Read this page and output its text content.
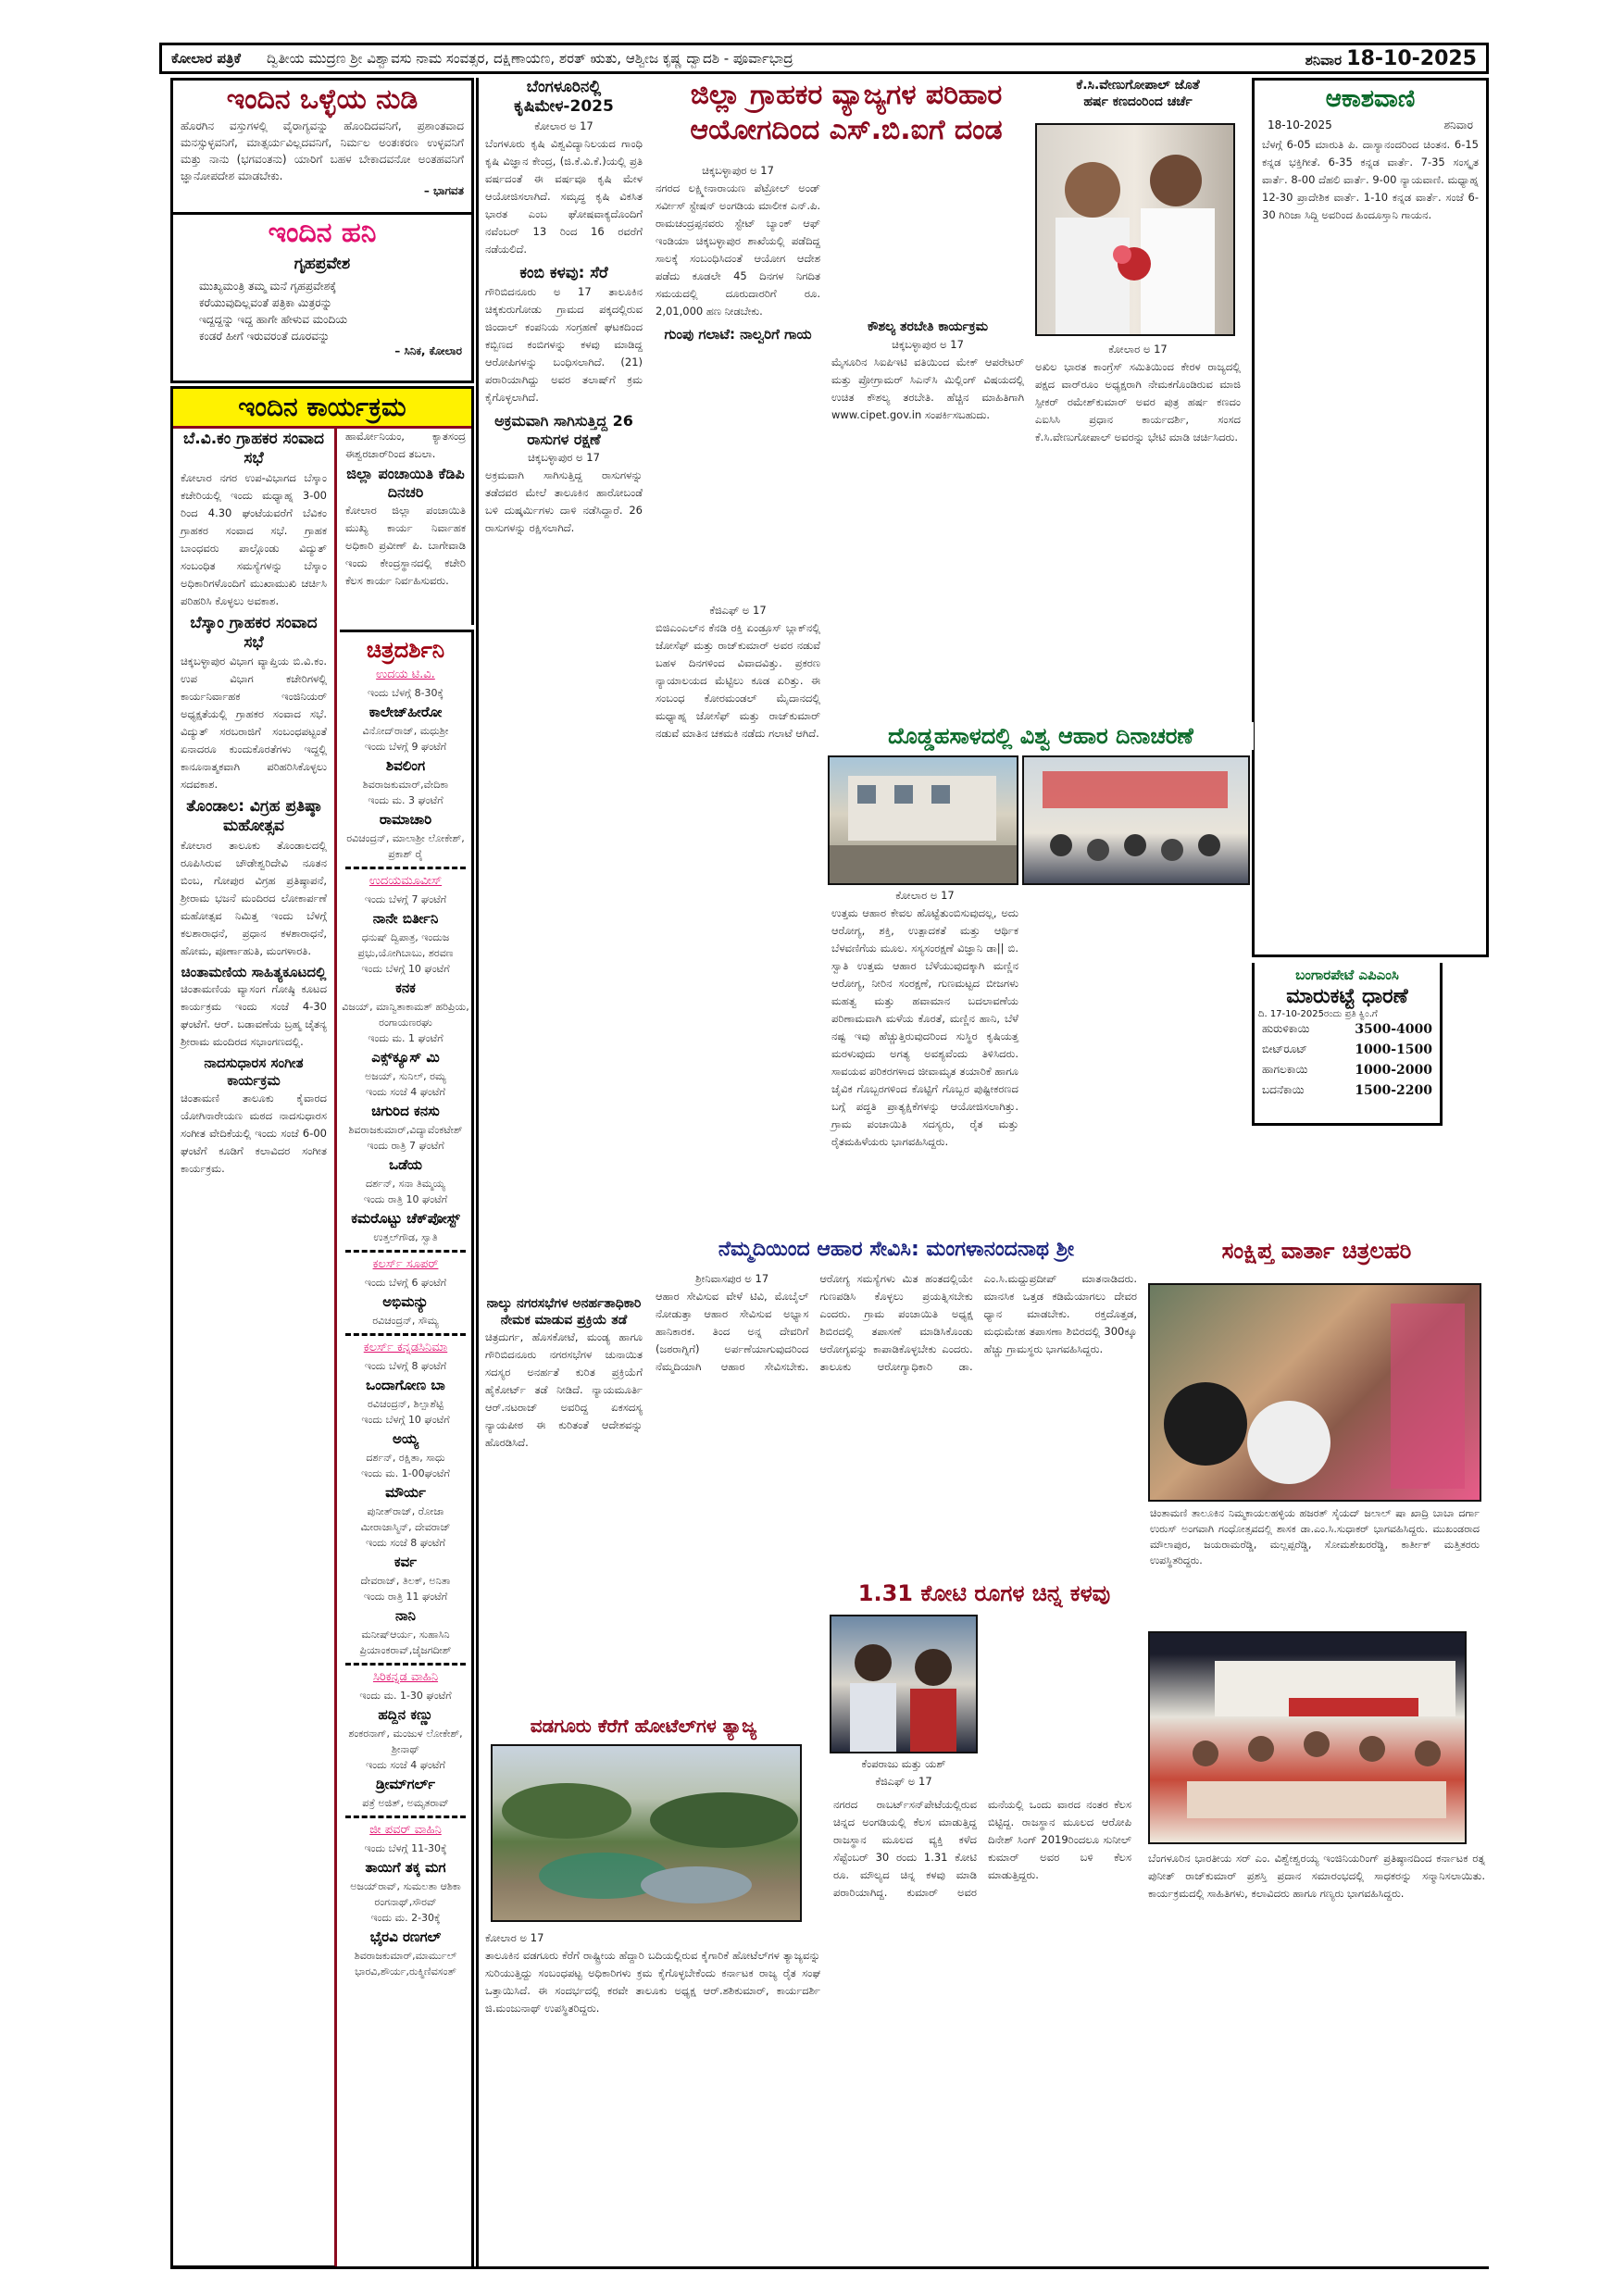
ಕೋಲಾರ ಪತ್ರಿಕೆ ದ್ವಿತೀಯ ಮುದ್ರಣ ಶ್ರೀ ವಿಶ್ವಾವಸು ನಾಮ ಸಂವತ್ಸರ, ದಕ್ಷಿಣಾಯಣ, ಶರತ್ ಋತು, ಆಶ್ವೀಜ ಕೃಷ್ಣ ದ್ವಾದಶಿ - ಪೂರ್ವಾಭಾದ್ರ	ಶನಿವಾರ 18-10-2025
ಇಂದಿನ ಒಳ್ಳೆಯ ನುಡಿ
ಹೊರಗಿನ ವಸ್ತುಗಳಲ್ಲಿ ವೈರಾಗ್ಯವನ್ನು ಹೊಂದಿದವನಿಗೆ, ಪ್ರಶಾಂತವಾದ ಮನಸ್ಸುಳ್ಳವನಿಗೆ, ಮಾತ್ಸರ್ಯವಿಲ್ಲದವನಿಗೆ, ನಿರ್ಮಲ ಅಂತಃಕರಣ ಉಳ್ಳವನಿಗೆ ಮತ್ತು ನಾನು (ಭಗವಂತನು) ಯಾರಿಗೆ ಬಹಳ ಬೇಕಾದವನೋ ಅಂತಹವನಿಗೆ ಜ್ಞಾನೋಪದೇಶ ಮಾಡಬೇಕು.
– ಭಾಗವತ
ಇಂದಿನ ಹನಿ
ಗೃಹಪ್ರವೇಶ
ಮುಖ್ಯಮಂತ್ರಿ ತಮ್ಮ ಮನೆ ಗೃಹಪ್ರವೇಶಕ್ಕೆ
ಕರೆಯುವುದಿಲ್ಲವಂತೆ ಪತ್ರಿಕಾ ಮಿತ್ರರನ್ನು
ಇದ್ದದ್ದನ್ನು ಇದ್ದ ಹಾಗೇ ಹೇಳುವ ಮಂದಿಯ
ಕಂಡರೆ ಹೀಗೆ ಇರುವರಂತೆ ದೂರವನ್ನು
– ಸಿನಿಕ, ಕೋಲಾರ
ಇಂದಿನ ಕಾರ್ಯಕ್ರಮ
ಬೆ.ವಿ.ಕಂ ಗ್ರಾಹಕರ ಸಂವಾದ ಸಭೆ
ಕೋಲಾರ ನಗರ ಉಪ-ವಿಭಾಗದ ಬೆಸ್ಕಾಂ ಕಚೇರಿಯಲ್ಲಿ ಇಂದು ಮಧ್ಯಾಹ್ನ 3-00 ರಿಂದ 4.30 ಘಂಟೆಯವರೆಗೆ ಬೆವಿಕಂ ಗ್ರಾಹಕರ ಸಂವಾದ ಸಭೆ. ಗ್ರಾಹಕ ಬಾಂಧವರು ಪಾಲ್ಗೊಂಡು ವಿದ್ಯುತ್ ಸಂಬಂಧಿತ ಸಮಸ್ಯೆಗಳನ್ನು ಬೆಸ್ಕಾಂ ಅಧಿಕಾರಿಗಳೊಂದಿಗೆ ಮುಖಾಮುಖಿ ಚರ್ಚಿಸಿ ಪರಿಹರಿಸಿ ಕೊಳ್ಳಲು ಅವಕಾಶ.
ಬೆಸ್ಕಾಂ ಗ್ರಾಹಕರ ಸಂವಾದ ಸಭೆ
ಚಿಕ್ಕಬಳ್ಳಾಪುರ ವಿಭಾಗ ವ್ಯಾಪ್ತಿಯ ಬಿ.ವಿ.ಕಂ. ಉಪ ವಿಭಾಗ ಕಚೇರಿಗಳಲ್ಲಿ ಕಾರ್ಯನಿರ್ವಾಹಕ ಇಂಜಿನಿಯರ್ ಅಧ್ಯಕ್ಷತೆಯಲ್ಲಿ ಗ್ರಾಹಕರ ಸಂವಾದ ಸಭೆ. ವಿದ್ಯುತ್ ಸರಬರಾಜಿಗೆ ಸಂಬಂಧಪಟ್ಟಂತೆ ಏನಾದರೂ ಕುಂದುಕೊರತೆಗಳು ಇದ್ದಲ್ಲಿ ಕಾನೂನಾತ್ಮಕವಾಗಿ ಪರಿಹರಿಸಿಕೊಳ್ಳಲು ಸದವಕಾಶ.
ತೊಂಡಾಲ: ವಿಗ್ರಹ ಪ್ರತಿಷ್ಠಾ ಮಹೋತ್ಸವ
ಕೋಲಾರ ತಾಲೂಕು ತೊಂಡಾಲದಲ್ಲಿ ರೂಪಿಸಿರುವ ಚೌಡೇಶ್ವರಿದೇವಿ ನೂತನ ಬಿಂಬ, ಗೋಪುರ ವಿಗ್ರಹ ಪ್ರತಿಷ್ಠಾಪನೆ, ಶ್ರೀರಾಮ ಭಜನೆ ಮಂದಿರದ ಲೋಕಾರ್ಪಣೆ ಮಹೋತ್ಸವ ನಿಮಿತ್ತ ಇಂದು ಬೆಳಗ್ಗೆ ಕಲಶಾರಾಧನೆ, ಪ್ರಧಾನ ಕಳಶಾರಾಧನೆ, ಹೋಮ, ಪೂರ್ಣಾಹುತಿ, ಮಂಗಳಾರತಿ.
ಚಿಂತಾಮಣಿಯ ಸಾಹಿತ್ಯಕೂಟದಲ್ಲಿ
ಚಿಂತಾಮಣಿಯ ವ್ಯಾಸಂಗ ಗೋಷ್ಠಿ ಕೂಟದ ಕಾರ್ಯಕ್ರಮ ಇಂದು ಸಂಜೆ 4-30 ಘಂಟೆಗೆ. ಆರ್. ಬಡಾವಣೆಯ ಬ್ರಹ್ಮ ಚೈತನ್ಯ ಶ್ರೀರಾಮ ಮಂದಿರದ ಸಭಾಂಗಣದಲ್ಲಿ.
ನಾದಸುಧಾರಸ ಸಂಗೀತ ಕಾರ್ಯಕ್ರಮ
ಚಿಂತಾಮಣಿ ತಾಲೂಕು ಕೈವಾರದ ಯೋಗಿನಾರೇಯಣ ಮಠದ ನಾದಸುಧಾರಸ ಸಂಗೀತ ವೇದಿಕೆಯಲ್ಲಿ ಇಂದು ಸಂಜೆ 6-00 ಘಂಟೆಗೆ ಕೂಡಿಗೆ ಕಲಾವಿದರ ಸಂಗೀತ ಕಾರ್ಯಕ್ರಮ.
ಹಾರ್ಮೋನಿಯಂ, ಕ್ಯಾತಸಂದ್ರ ಈಶ್ವರಚಾರ್‌ರಿಂದ ತಬಲಾ.
ಜಿಲ್ಲಾ ಪಂಚಾಯಿತಿ ಕೆಡಿಪಿ ದಿನಚರಿ
ಕೋಲಾರ ಜಿಲ್ಲಾ ಪಂಚಾಯಿತಿ ಮುಖ್ಯ ಕಾರ್ಯ ನಿರ್ವಾಹಕ ಅಧಿಕಾರಿ ಪ್ರವೀಣ್ ಪಿ. ಬಾಗೇವಾಡಿ ಇಂದು ಕೇಂದ್ರಸ್ಥಾನದಲ್ಲಿ ಕಚೇರಿ ಕೆಲಸ ಕಾರ್ಯ ನಿರ್ವಹಿಸುವರು.
ಚಿತ್ರದರ್ಶಿನಿ
ಉದಯ ಟಿ.ವಿ.
ಇಂದು ಬೆಳಗ್ಗೆ 8-30ಕ್ಕೆ
ಕಾಲೇಜ್‌ಹೀರೋ
ವಿನೋದ್‌ರಾಜ್, ಮಧುಶ್ರೀ
ಇಂದು ಬೆಳಗ್ಗೆ 9 ಘಂಟೆಗೆ
ಶಿವಲಿಂಗ
ಶಿವರಾಜಕುಮಾರ್,ವೇದಿಕಾ
ಇಂದು ಮ. 3 ಘಂಟೆಗೆ
ರಾಮಾಚಾರಿ
ರವಿಚಂದ್ರನ್, ಮಾಲಾಶ್ರೀ ಲೋಕೇಶ್, ಪ್ರಕಾಶ್ ರೈ
ಉದಯಮೂವೀಸ್
ಇಂದು ಬೆಳಗ್ಗೆ 7 ಘಂಟೆಗೆ
ನಾನೇ ಬಿರ್ತೀನಿ
ಧನುಷ್ ದ್ವಿಪಾತ್ರ, ಇಂದುಜ ಪ್ರಭು,ಯೋಗಿಬಾಬು, ಶರವಣ
ಇಂದು ಬೆಳಗ್ಗೆ 10 ಘಂಟೆಗೆ
ಕನಕ
ವಿಜಯ್, ಮಾನ್ವಿತಾಕಾಮತ್ ಹರಿಪ್ರಿಯ, ರಂಗಾಯಣರಘು
ಇಂದು ಮ. 1 ಘಂಟೆಗೆ
ಎಕ್ಸ್‌ಕ್ಯೂಸ್ ಮಿ
ಅಜಯ್, ಸುನಿಲ್, ರಮ್ಯ
ಇಂದು ಸಂಜೆ 4 ಘಂಟೆಗೆ
ಚಿಗುರಿದ ಕನಸು
ಶಿವರಾಜಕುಮಾರ್,ವಿದ್ಯಾವೆಂಕಟೇಶ್
ಇಂದು ರಾತ್ರಿ 7 ಘಂಟೆಗೆ
ಒಡೆಯ
ದರ್ಶನ್, ಸನಾ ತಿಮ್ಮಯ್ಯ
ಇಂದು ರಾತ್ರಿ 10 ಘಂಟೆಗೆ
ಕಮರೊಟ್ಟು ಚೆಕ್‌ಪೋಸ್ಟ್
ಉತ್ತಲ್‌ಗೌಡ, ಸ್ವಾತಿ
ಕಲರ್ಸ್ ಸೂಪರ್
ಇಂದು ಬೆಳಗ್ಗೆ 6 ಘಂಟೆಗೆ
ಅಭಿಮನ್ಯು
ರವಿಚಂದ್ರನ್, ಸೌಮ್ಯ
ಕಲರ್ಸ್ ಕನ್ನಡಸಿನಿಮಾ
ಇಂದು ಬೆಳಗ್ಗೆ 8 ಘಂಟೆಗೆ
ಒಂದಾಗೋಣ ಬಾ
ರವಿಚಂದ್ರನ್, ಶಿಲ್ಪಾಶೆಟ್ಟಿ
ಇಂದು ಬೆಳಗ್ಗೆ 10 ಘಂಟೆಗೆ
ಅಯ್ಯ
ದರ್ಶನ್, ರಕ್ಷಿತಾ, ಸಾಧು
ಇಂದು ಮ. 1-00ಘಂಟೆಗೆ
ಮೌರ್ಯ
ಪುನೀತ್‌ರಾಜ್, ರೋಜಾ ಮೀರಾಜಾಸ್ಮಿನ್, ದೇವರಾಜ್
ಇಂದು ಸಂಜೆ 8 ಘಂಟೆಗೆ
ಕರ್ವ
ದೇವರಾಜ್, ತಿಲಕ್, ಅನಿತಾ
ಇಂದು ರಾತ್ರಿ 11 ಘಂಟೆಗೆ
ನಾನಿ
ಮನೀಷ್‌ಆರ್ಯ, ಸುಹಾಸಿನಿ ಪ್ರಿಯಾಂಕರಾವ್,ಜೈಜಗದೀಶ್
ಸಿರಿಕನ್ನಡ ವಾಹಿನಿ
ಇಂದು ಮ. 1-30 ಘಂಟೆಗೆ
ಹದ್ದಿನ ಕಣ್ಣು
ಶಂಕರನಾಗ್, ಮಂಜುಳ ಲೋಕೇಶ್, ಶ್ರೀನಾಥ್
ಇಂದು ಸಂಜೆ 4 ಘಂಟೆಗೆ
ಡ್ರೀಮ್‌ಗರ್ಲ್
ಪತ್ರೆ ಅಜಿತ್, ಅಮೃತರಾವ್
ಜೀ ಪವರ್ ವಾಹಿನಿ
ಇಂದು ಬೆಳಗ್ಗೆ 11-30ಕ್ಕೆ
ತಾಯಿಗೆ ತಕ್ಕ ಮಗ
ಅಜಯ್‌ರಾವ್, ಸುಮಲತಾ ಆಶಿಕಾ ರಂಗನಾಥ್,ಸೌರವ್
ಇಂದು ಮ. 2-30ಕ್ಕೆ
ಭೈರವಿ ರಣಗಲ್
ಶಿವರಾಜಕುಮಾರ್,ಮಾರ್ಮುಲ್ ಭಾರವಿ,ಶೌರ್ಯ,ರುಕ್ಮಿಣಿವಸಂತ್
ಬೆಂಗಳೂರಿನಲ್ಲಿ ಕೃಷಿಮೇಳ-2025
ಕೋಲಾರ ಅ 17
ಬೆಂಗಳೂರು ಕೃಷಿ ವಿಶ್ವವಿದ್ಯಾನಿಲಯದ ಗಾಂಧಿ ಕೃಷಿ ವಿಜ್ಞಾನ ಕೇಂದ್ರ, (ಜಿ.ಕೆ.ವಿ.ಕೆ.)ಯಲ್ಲಿ ಪ್ರತಿ ವರ್ಷದಂತೆ ಈ ವರ್ಷವೂ ಕೃಷಿ ಮೇಳ ಆಯೋಜಿಸಲಾಗಿದೆ. ಸಮೃದ್ಧ ಕೃಷಿ ವಿಕಸಿತ ಭಾರತ ಎಂಬ ಘೋಷವಾಕ್ಯದೊಂದಿಗೆ ನವೆಂಬರ್ 13 ರಿಂದ 16 ರವರೆಗೆ ನಡೆಯಲಿದೆ.
ಕಂಬಿ ಕಳವು: ಸೆರೆ
ಗೌರಿಬಿದನೂರು ಅ 17 ತಾಲೂಕಿನ ಚಿಕ್ಕಕುರುಗೋಡು ಗ್ರಾಮದ ಪಕ್ಕದಲ್ಲಿರುವ ಜಿಂದಾಲ್ ಕಂಪನಿಯ ಸಂಗ್ರಹಣೆ ಘಟಕದಿಂದ ಕಬ್ಬಿಣದ ಕಂಬಿಗಳನ್ನು ಕಳವು ಮಾಡಿದ್ದ ಆರೋಪಿಗಳನ್ನು ಬಂಧಿಸಲಾಗಿದೆ. (21) ಪರಾರಿಯಾಗಿದ್ದು ಅವರ ತಲಾಷ್‌ಗೆ ಕ್ರಮ ಕೈಗೊಳ್ಳಲಾಗಿದೆ.
ಅಕ್ರಮವಾಗಿ ಸಾಗಿಸುತ್ತಿದ್ದ 26 ರಾಸುಗಳ ರಕ್ಷಣೆ
ಚಿಕ್ಕಬಳ್ಳಾಪುರ ಅ 17
ಅಕ್ರಮವಾಗಿ ಸಾಗಿಸುತ್ತಿದ್ದ ರಾಸುಗಳನ್ನು ತಡೆದವರ ಮೇಲೆ ತಾಲೂಕಿನ ಹಾರೋಬಂಡೆ ಬಳಿ ದುಷ್ಕರ್ಮಿಗಳು ದಾಳಿ ನಡೆಸಿದ್ದಾರೆ. 26 ರಾಸುಗಳನ್ನು ರಕ್ಷಿಸಲಾಗಿದೆ.
ನಾಲ್ಕು ನಗರಸಭೆಗಳ ಅನರ್ಹತಾಧಿಕಾರಿ ನೇಮಕ ಮಾಡುವ ಪ್ರಕ್ರಿಯೆ ತಡೆ
ಚಿತ್ರದುರ್ಗ, ಹೊಸಕೋಟೆ, ಮಂಡ್ಯ ಹಾಗೂ ಗೌರಿಬಿದನೂರು ನಗರಸಭೆಗಳ ಚುನಾಯಿತ ಸದಸ್ಯರ ಅನರ್ಹತೆ ಕುರಿತ ಪ್ರಕ್ರಿಯೆಗೆ ಹೈಕೋರ್ಟ್ ತಡೆ ನೀಡಿದೆ. ನ್ಯಾಯಮೂರ್ತಿ ಆರ್.ನಟರಾಜ್ ಅವರಿದ್ದ ಏಕಸದಸ್ಯ ನ್ಯಾಯಪೀಠ ಈ ಕುರಿತಂತೆ ಆದೇಶವನ್ನು ಹೊರಡಿಸಿದೆ.
ಜಿಲ್ಲಾ ಗ್ರಾಹಕರ ವ್ಯಾಜ್ಯಗಳ ಪರಿಹಾರ
ಆಯೋಗದಿಂದ ಎಸ್.ಬಿ.ಐಗೆ ದಂಡ
ಚಿಕ್ಕಬಳ್ಳಾಪುರ ಅ 17
ನಗರದ ಲಕ್ಷ್ಮೀನಾರಾಯಣ ಪೆಟ್ರೋಲ್ ಅಂಡ್ ಸರ್ವೀಸ್ ಸ್ಟೇಷನ್ ಅಂಗಡಿಯ ಮಾಲೀಕ ಎನ್.ಪಿ. ರಾಮಚಂದ್ರಪ್ಪನವರು ಸ್ಟೇಟ್ ಬ್ಯಾಂಕ್ ಆಫ್ ಇಂಡಿಯಾ ಚಿಕ್ಕಬಳ್ಳಾಪುರ ಶಾಖೆಯಲ್ಲಿ ಪಡೆದಿದ್ದ ಸಾಲಕ್ಕೆ ಸಂಬಂಧಿಸಿದಂತೆ ಆಯೋಗ ಆದೇಶ ಪಡೆದು ಕೂಡಲೇ 45 ದಿನಗಳ ನಿಗದಿತ ಸಮಯದಲ್ಲಿ ದೂರುದಾರರಿಗೆ ರೂ. 2,01,000 ಹಣ ನೀಡಬೇಕು.
ಗುಂಪು ಗಲಾಟೆ: ನಾಲ್ವರಿಗೆ ಗಾಯ	ಕೌಶಲ್ಯ ತರಬೇತಿ ಕಾರ್ಯಕ್ರಮ
ಚಿಕ್ಕಬಳ್ಳಾಪುರ ಅ 17
ಮೈಸೂರಿನ ಸಿಐಪಿಇಟಿ ವತಿಯಿಂದ ಮೇಕ್ ಆಪರೇಟರ್ ಮತ್ತು ಪ್ರೋಗ್ರಾಮರ್ ಸಿಎನ್‌ಸಿ ಮಿಲ್ಲಿಂಗ್ ವಿಷಯದಲ್ಲಿ ಉಚಿತ ಕೌಶಲ್ಯ ತರಬೇತಿ. ಹೆಚ್ಚಿನ ಮಾಹಿತಿಗಾಗಿ www.cipet.gov.in ಸಂಪರ್ಕಿಸಬಹುದು.
ಕೆಜಿಎಫ್ ಅ 17
ಬಿಜಿಎಂಎಲ್‌ನ ಕೆನಡಿ ರಕ್ತಿ ಏಂಡ್ರೂಸ್ ಬ್ಲಾಕ್‌ನಲ್ಲಿ ಜೋಸೆಫ್ ಮತ್ತು ರಾಜ್‌ಕುಮಾರ್ ಅವರ ನಡುವೆ ಬಹಳ ದಿನಗಳಿಂದ ವಿವಾದವಿತ್ತು. ಪ್ರಕರಣ ನ್ಯಾಯಾಲಯದ ಮೆಟ್ಟಿಲು ಕೂಡ ಏರಿತ್ತು. ಈ ಸಂಬಂಧ ಕೋರಮಂಡಲ್ ಮೈದಾನದಲ್ಲಿ ಮಧ್ಯಾಹ್ನ ಜೋಸೆಫ್ ಮತ್ತು ರಾಜ್‌ಕುಮಾರ್ ನಡುವೆ ಮಾತಿನ ಚಕಮಕಿ ನಡೆದು ಗಲಾಟೆ ಆಗಿದೆ.
ಕೆ.ಸಿ.ವೇಣುಗೋಪಾಲ್ ಜೊತೆ
ಹರ್ಷ ಕಣದಂರಿಂದ ಚರ್ಚೆ
ಕೋಲಾರ ಅ 17
ಅಖಿಲ ಭಾರತ ಕಾಂಗ್ರೆಸ್ ಸಮಿತಿಯಿಂದ ಕೇರಳ ರಾಜ್ಯದಲ್ಲಿ ಪಕ್ಷದ ವಾರ್‌ರೂಂ ಅಧ್ಯಕ್ಷರಾಗಿ ನೇಮಕಗೊಂಡಿರುವ ಮಾಜಿ ಸ್ಪೀಕರ್ ರಮೇಶ್‌ಕುಮಾರ್ ಅವರ ಪುತ್ರ ಹರ್ಷ ಕಣದಂ ಎಐಸಿಸಿ ಪ್ರಧಾನ ಕಾರ್ಯದರ್ಶಿ, ಸಂಸದ ಕೆ.ಸಿ.ವೇಣುಗೋಪಾಲ್ ಅವರನ್ನು ಭೇಟಿ ಮಾಡಿ ಚರ್ಚಿಸಿದರು.
ಆಕಾಶವಾಣಿ
18-10-2025	ಶನಿವಾರ
ಬೆಳಗ್ಗೆ 6-05 ಮಾರುತಿ ಪಿ. ದಾಸ್ಯಾನಂದರಿಂದ ಚಿಂತನ. 6-15 ಕನ್ನಡ ಭಕ್ತಿಗೀತೆ. 6-35 ಕನ್ನಡ ವಾರ್ತೆ. 7-35 ಸಂಸ್ಕೃತ ವಾರ್ತೆ. 8-00 ದೆಹಲಿ ವಾರ್ತೆ. 9-00 ನ್ಯಾಯವಾಣಿ. ಮಧ್ಯಾಹ್ನ 12-30 ಪ್ರಾದೇಶಿಕ ವಾರ್ತೆ. 1-10 ಕನ್ನಡ ವಾರ್ತೆ. ಸಂಜೆ 6-30 ಗಿರಿಜಾ ಸಿದ್ದಿ ಅವರಿಂದ ಹಿಂದೂಸ್ತಾನಿ ಗಾಯನ.
ಬಂಗಾರಪೇಟೆ ಎಪಿಎಂಸಿ
ಮಾರುಕಟ್ಟೆ ಧಾರಣೆ
ದಿ. 17-10-2025ರಂದು ಪ್ರತಿ ಕ್ವಿಂ.ಗೆ
ಹುರುಳಿಕಾಯಿ	3500-4000
ಬೀಟ್‌ರೂಟ್	1000-1500
ಹಾಗಲಕಾಯಿ	1000-2000
ಬದನೆಕಾಯಿ	1500-2200
ದೊಡ್ಡಹಸಾಳದಲ್ಲಿ ವಿಶ್ವ ಆಹಾರ ದಿನಾಚರಣೆ
ಕೋಲಾರ ಅ 17
ಉತ್ತಮ ಆಹಾರ ಕೇವಲ ಹೊಟ್ಟೆತುಂಬಿಸುವುದಲ್ಲ, ಅದು ಆರೋಗ್ಯ, ಶಕ್ತಿ, ಉತ್ಪಾದಕತೆ ಮತ್ತು ಆರ್ಥಿಕ ಬೆಳವಣಿಗೆಯ ಮೂಲ. ಸಸ್ಯಸಂರಕ್ಷಣೆ ವಿಜ್ಞಾನಿ ಡಾ|| ಬಿ. ಸ್ವಾತಿ ಉತ್ತಮ ಆಹಾರ ಬೆಳೆಯುವುದಕ್ಕಾಗಿ ಮಣ್ಣಿನ ಆರೋಗ್ಯ, ನೀರಿನ ಸಂರಕ್ಷಣೆ, ಗುಣಮಟ್ಟದ ಬೀಜಗಳು ಮಹತ್ವ ಮತ್ತು ಹವಾಮಾನ ಬದಲಾವಣೆಯ ಪರಿಣಾಮವಾಗಿ ಮಳೆಯ ಕೊರತೆ, ಮಣ್ಣಿನ ಹಾನಿ, ಬೆಳೆ ನಷ್ಟ ಇವು ಹೆಚ್ಚುತ್ತಿರುವುದರಿಂದ ಸುಸ್ಥಿರ ಕೃಷಿಯತ್ತ ಮರಳುವುದು ಅಗತ್ಯ ಅವಶ್ಯವೆಂದು ತಿಳಿಸಿದರು. ಸಾವಯವ ಪರಿಕರಗಳಾದ ಜೀವಾಮೃತ ತಯಾರಿಕೆ ಹಾಗೂ ಜೈವಿಕ ಗೊಬ್ಬರಗಳಿಂದ ಕೊಟ್ಟಿಗೆ ಗೊಬ್ಬರ ಪುಷ್ಟೀಕರಣದ ಬಗ್ಗೆ ಪದ್ಧತಿ ಪ್ರಾತ್ಯಕ್ಷಿಕೆಗಳನ್ನು ಆಯೋಜಿಸಲಾಗಿತ್ತು. ಗ್ರಾಮ ಪಂಚಾಯಿತಿ ಸದಸ್ಯರು, ರೈತ ಮತ್ತು ರೈತಮಹಿಳೆಯರು ಭಾಗವಹಿಸಿದ್ದರು.
ನೆಮ್ಮದಿಯಿಂದ ಆಹಾರ ಸೇವಿಸಿ: ಮಂಗಳಾನಂದನಾಥ ಶ್ರೀ
ಶ್ರೀನಿವಾಸಪುರ ಅ 17
ಆಹಾರ ಸೇವಿಸುವ ವೇಳೆ ಟಿವಿ, ಮೊಬೈಲ್ ನೋಡುತ್ತಾ ಆಹಾರ ಸೇವಿಸುವ ಅಭ್ಯಾಸ ಹಾನಿಕಾರಕ. ತಿಂದ ಅನ್ನ ದೇವರಿಗೆ (ಜಠರಾಗ್ನಿಗೆ) ಅರ್ಪಣೆಯಾಗುವುದರಿಂದ ನೆಮ್ಮದಿಯಾಗಿ ಆಹಾರ ಸೇವಿಸಬೇಕು. ಆರೋಗ್ಯ ಸಮಸ್ಯೆಗಳು ಮಿತ ಹಂತದಲ್ಲಿಯೇ ಗುಣಪಡಿಸಿ ಕೊಳ್ಳಲು ಪ್ರಯತ್ನಿಸಬೇಕು ಎಂದರು. ಗ್ರಾಮ ಪಂಚಾಯಿತಿ ಅಧ್ಯಕ್ಷ ಶಿಬಿರದಲ್ಲಿ ತಪಾಸಣೆ ಮಾಡಿಸಿಕೊಂಡು ಆರೋಗ್ಯವನ್ನು ಕಾಪಾಡಿಕೊಳ್ಳಬೇಕು ಎಂದರು. ತಾಲೂಕು ಆರೋಗ್ಯಾಧಿಕಾರಿ ಡಾ. ಎಂ.ಸಿ.ಮದ್ದುಪ್ರದೀಪ್ ಮಾತನಾಡಿದರು. ಮಾನಸಿಕ ಒತ್ತಡ ಕಡಿಮೆಯಾಗಲು ದೇವರ ಧ್ಯಾನ ಮಾಡಬೇಕು. ರಕ್ತದೊತ್ತಡ, ಮಧುಮೇಹ ತಪಾಸಣಾ ಶಿಬಿರದಲ್ಲಿ 300ಕ್ಕೂ ಹೆಚ್ಚು ಗ್ರಾಮಸ್ಥರು ಭಾಗವಹಿಸಿದ್ದರು.
ಸಂಕ್ಷಿಪ್ತ ವಾರ್ತಾ ಚಿತ್ರಲಹರಿ
ಚಿಂತಾಮಣಿ ತಾಲೂಕಿನ ನಿಮ್ಮಕಾಯಲಹಳ್ಳಿಯ ಹಜರತ್ ಸೈಯದ್ ಜಲಾಲ್ ಷಾ ಖಾದ್ರಿ ಬಾಬಾ ದರ್ಗಾ ಉರುಸ್ ಅಂಗವಾಗಿ ಗಂಧೋತ್ಸವದಲ್ಲಿ ಶಾಸಕ ಡಾ.ಎಂ.ಸಿ.ಸುಧಾಕರ್ ಭಾಗವಹಿಸಿದ್ದರು. ಮುಖಂಡರಾದ ಮೌಲಾಪುರ, ಜಯರಾಮರೆಡ್ಡಿ, ಮಲ್ಲಪ್ಪರೆಡ್ಡಿ, ಸೋಮಶೇಖರರೆಡ್ಡಿ, ಕಾರ್ತೀಕ್ ಮತ್ತಿತರರು ಉಪಸ್ಥಿತರಿದ್ದರು.
ಬೆಂಗಳೂರಿನ ಭಾರತೀಯ ಸರ್ ಎಂ. ವಿಶ್ವೇಶ್ವರಯ್ಯ ಇಂಜಿನಿಯರಿಂಗ್ ಪ್ರತಿಷ್ಠಾನದಿಂದ ಕರ್ನಾಟಕ ರತ್ನ ಪುನೀತ್ ರಾಜ್‌ಕುಮಾರ್ ಪ್ರಶಸ್ತಿ ಪ್ರದಾನ ಸಮಾರಂಭದಲ್ಲಿ ಸಾಧಕರನ್ನು ಸನ್ಮಾನಿಸಲಾಯಿತು. ಕಾರ್ಯಕ್ರಮದಲ್ಲಿ ಸಾಹಿತಿಗಳು, ಕಲಾವಿದರು ಹಾಗೂ ಗಣ್ಯರು ಭಾಗವಹಿಸಿದ್ದರು.
1.31 ಕೋಟಿ ರೂಗಳ ಚಿನ್ನ ಕಳವು
ಕೆಂಪರಾಜು ಮತ್ತು ಯಶ್
ಕೆಜಿಎಫ್ ಅ 17
ನಗರದ ರಾಬರ್ಟ್‌ಸನ್‌ಪೇಟೆಯಲ್ಲಿರುವ ಚಿನ್ನದ ಅಂಗಡಿಯಲ್ಲಿ ಕೆಲಸ ಮಾಡುತ್ತಿದ್ದ ರಾಜಸ್ಥಾನ ಮೂಲದ ವ್ಯಕ್ತಿ ಕಳೆದ ಸೆಪ್ಟೆಂಬರ್ 30 ರಂದು 1.31 ಕೋಟಿ ರೂ. ಮೌಲ್ಯದ ಚಿನ್ನ ಕಳವು ಮಾಡಿ ಪರಾರಿಯಾಗಿದ್ದ. ಕುಮಾರ್ ಅವರ ಮನೆಯಲ್ಲಿ ಒಂದು ವಾರದ ನಂತರ ಕೆಲಸ ಬಿಟ್ಟಿದ್ದ. ರಾಜಸ್ಥಾನ ಮೂಲದ ಆರೋಪಿ ದಿನೇಶ್ ಸಿಂಗ್ 2019ರಿಂದಲೂ ಸುನೀಲ್ ಕುಮಾರ್ ಅವರ ಬಳಿ ಕೆಲಸ ಮಾಡುತ್ತಿದ್ದರು.
ವಡಗೂರು ಕೆರೆಗೆ ಹೋಟೆಲ್‌ಗಳ ತ್ಯಾಜ್ಯ
ಕೋಲಾರ ಅ 17
ತಾಲೂಕಿನ ವಡಗೂರು ಕೆರೆಗೆ ರಾಷ್ಟ್ರೀಯ ಹೆದ್ದಾರಿ ಬದಿಯಲ್ಲಿರುವ ಕೈಗಾರಿಕೆ ಹೋಟೆಲ್‌ಗಳ ತ್ಯಾಜ್ಯವನ್ನು ಸುರಿಯುತ್ತಿದ್ದು ಸಂಬಂಧಪಟ್ಟ ಅಧಿಕಾರಿಗಳು ಕ್ರಮ ಕೈಗೊಳ್ಳಬೇಕೆಂದು ಕರ್ನಾಟಕ ರಾಜ್ಯ ರೈತ ಸಂಘ ಒತ್ತಾಯಿಸಿದೆ. ಈ ಸಂದರ್ಭದಲ್ಲಿ ಕರವೇ ತಾಲೂಕು ಅಧ್ಯಕ್ಷ ಆರ್.ಶಶಿಕುಮಾರ್, ಕಾರ್ಯದರ್ಶಿ ಜಿ.ಮಂಜುನಾಥ್ ಉಪಸ್ಥಿತರಿದ್ದರು.
